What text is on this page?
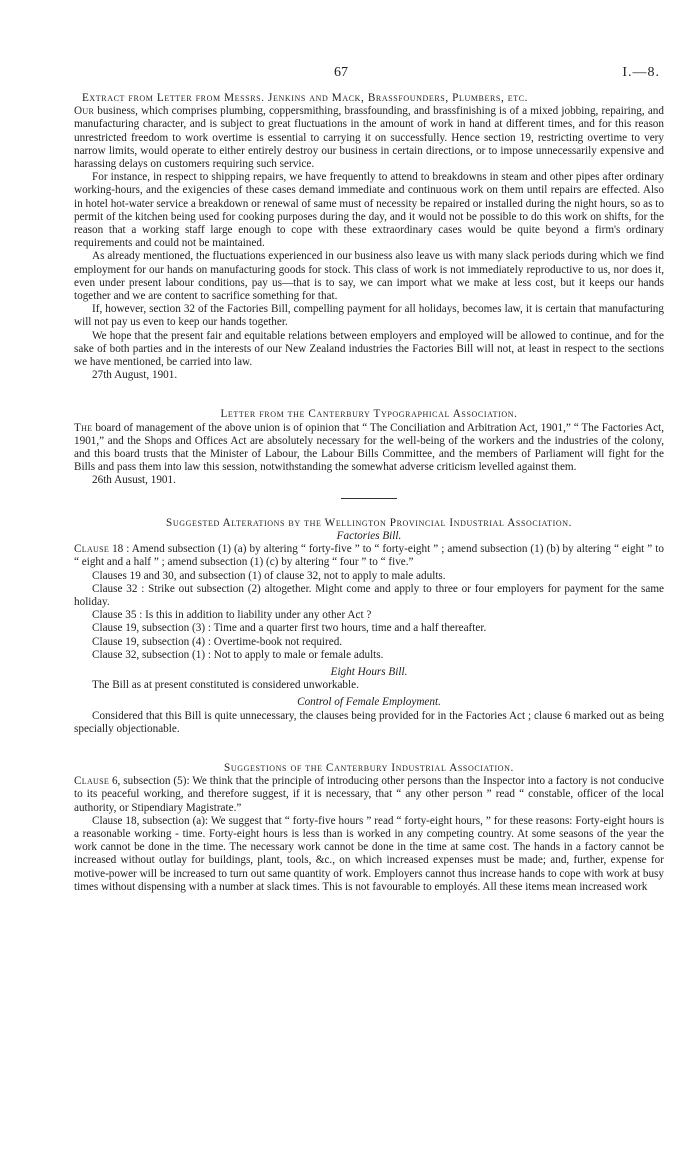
67	I.—8.

Extract from Letter from Messrs. Jenkins and Mack, Brassfounders, Plumbers, etc.

Our business, which comprises plumbing, coppersmithing, brassfounding, and brassfinishing is of a mixed jobbing, repairing, and manufacturing character, and is subject to great fluctuations in the amount of work in hand at different times, and for this reason unrestricted freedom to work overtime is essential to carrying it on successfully. Hence section 19, restricting overtime to very narrow limits, would operate to either entirely destroy our business in certain directions, or to impose unnecessarily expensive and harassing delays on customers requiring such service.

For instance, in respect to shipping repairs, we have frequently to attend to breakdowns in steam and other pipes after ordinary working-hours, and the exigencies of these cases demand immediate and continuous work on them until repairs are effected. Also in hotel hot-water service a breakdown or renewal of same must of necessity be repaired or installed during the night hours, so as to permit of the kitchen being used for cooking purposes during the day, and it would not be possible to do this work on shifts, for the reason that a working staff large enough to cope with these extraordinary cases would be quite beyond a firm's ordinary requirements and could not be maintained.

As already mentioned, the fluctuations experienced in our business also leave us with many slack periods during which we find employment for our hands on manufacturing goods for stock. This class of work is not immediately reproductive to us, nor does it, even under present labour conditions, pay us—that is to say, we can import what we make at less cost, but it keeps our hands together and we are content to sacrifice something for that.

If, however, section 32 of the Factories Bill, compelling payment for all holidays, becomes law, it is certain that manufacturing will not pay us even to keep our hands together.

We hope that the present fair and equitable relations between employers and employed will be allowed to continue, and for the sake of both parties and in the interests of our New Zealand industries the Factories Bill will not, at least in respect to the sections we have mentioned, be carried into law.

27th August, 1901.

Letter from the Canterbury Typographical Association.

The board of management of the above union is of opinion that “ The Conciliation and Arbitration Act, 1901,” “ The Factories Act, 1901,” and the Shops and Offices Act are absolutely necessary for the well-being of the workers and the industries of the colony, and this board trusts that the Minister of Labour, the Labour Bills Committee, and the members of Parliament will fight for the Bills and pass them into law this session, notwithstanding the somewhat adverse criticism levelled against them.

26th Ausust, 1901.

Suggested Alterations by the Wellington Provincial Industrial Association.

Factories Bill.

Clause 18 : Amend subsection (1) (a) by altering “ forty-five ” to “ forty-eight ” ; amend subsection (1) (b) by altering “ eight ” to “ eight and a half ” ; amend subsection (1) (c) by altering “ four ” to “ five.”

Clauses 19 and 30, and subsection (1) of clause 32, not to apply to male adults.

Clause 32 : Strike out subsection (2) altogether. Might come and apply to three or four employers for payment for the same holiday.

Clause 35 : Is this in addition to liability under any other Act ?

Clause 19, subsection (3) : Time and a quarter first two hours, time and a half thereafter.

Clause 19, subsection (4) : Overtime-book not required.

Clause 32, subsection (1) : Not to apply to male or female adults.

Eight Hours Bill.

The Bill as at present constituted is considered unworkable.

Control of Female Employment.

Considered that this Bill is quite unnecessary, the clauses being provided for in the Factories Act ; clause 6 marked out as being specially objectionable.

Suggestions of the Canterbury Industrial Association.

Clause 6, subsection (5): We think that the principle of introducing other persons than the Inspector into a factory is not conducive to its peaceful working, and therefore suggest, if it is necessary, that “ any other person ” read “ constable, officer of the local authority, or Stipendiary Magistrate.”

Clause 18, subsection (a): We suggest that “ forty-five hours ” read “ forty-eight hours, ” for these reasons: Forty-eight hours is a reasonable working - time. Forty-eight hours is less than is worked in any competing country. At some seasons of the year the work cannot be done in the time. The necessary work cannot be done in the time at same cost. The hands in a factory cannot be increased without outlay for buildings, plant, tools, &c., on which increased expenses must be made; and, further, expense for motive-power will be increased to turn out same quantity of work. Employers cannot thus increase hands to cope with work at busy times without dispensing with a number at slack times. This is not favourable to employés. All these items mean increased work
